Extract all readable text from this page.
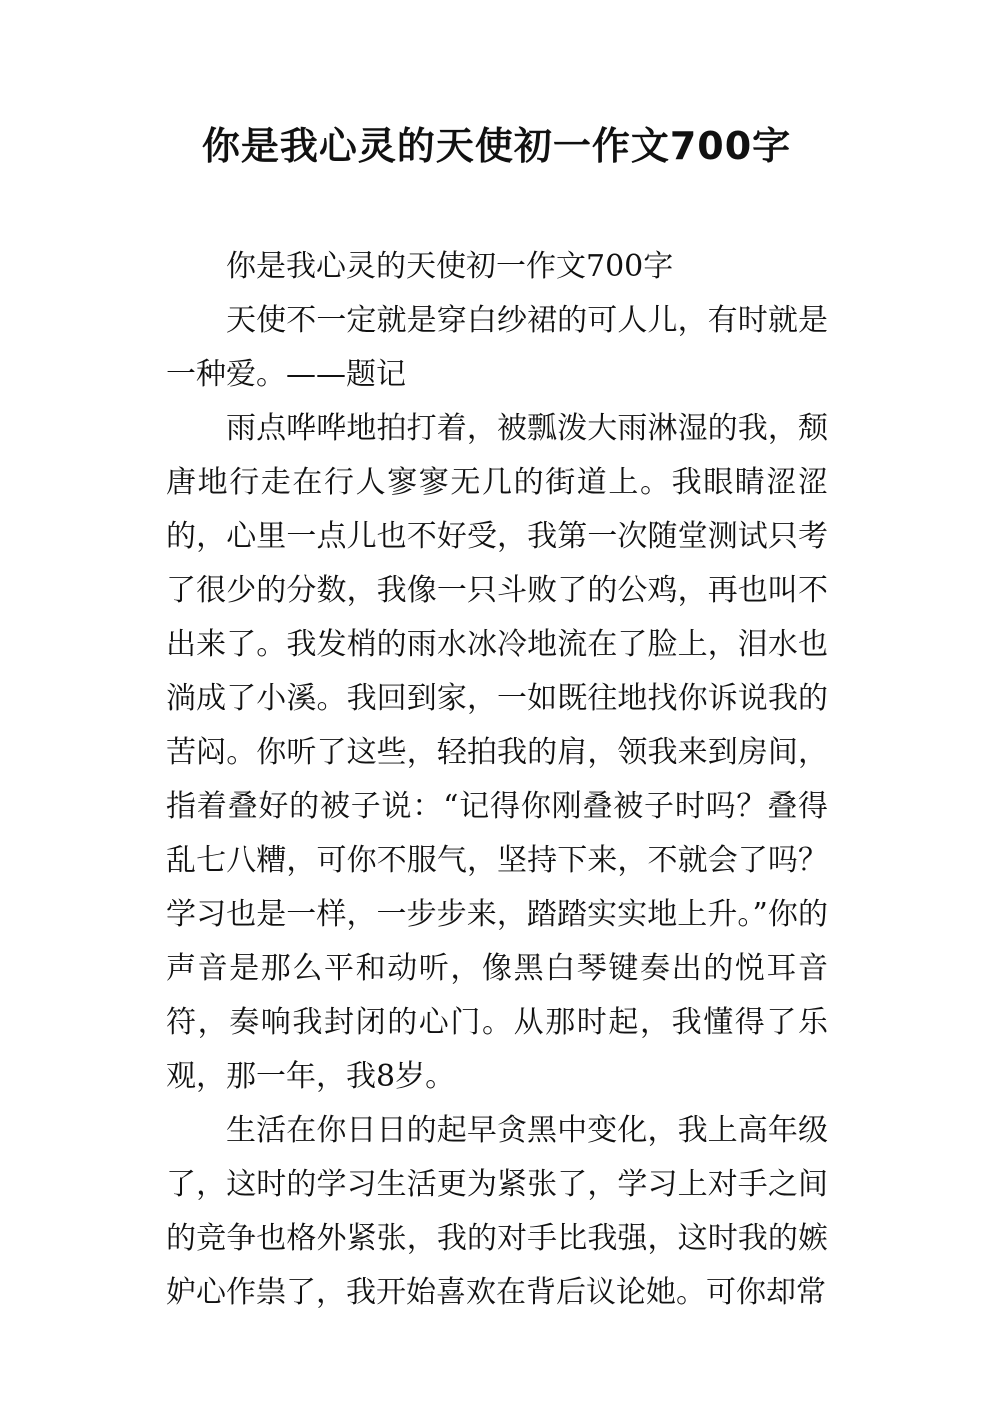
你是我心灵的天使初一作文700字

你是我心灵的天使初一作文700字

天使不一定就是穿白纱裙的可人儿，有时就是一种爱。——题记

雨点哗哗地拍打着，被瓢泼大雨淋湿的我，颓唐地行走在行人寥寥无几的街道上。我眼睛涩涩的，心里一点儿也不好受，我第一次随堂测试只考了很少的分数，我像一只斗败了的公鸡，再也叫不出来了。我发梢的雨水冰冷地流在了脸上，泪水也淌成了小溪。我回到家，一如既往地找你诉说我的苦闷。你听了这些，轻拍我的肩，领我来到房间，指着叠好的被子说：“记得你刚叠被子时吗？叠得乱七八糟，可你不服气，坚持下来，不就会了吗？学习也是一样，一步步来，踏踏实实地上升。”你的声音是那么平和动听，像黑白琴键奏出的悦耳音符，奏响我封闭的心门。从那时起，我懂得了乐观，那一年，我8岁。

生活在你日日的起早贪黑中变化，我上高年级了，这时的学习生活更为紧张了，学习上对手之间的竞争也格外紧张，我的对手比我强，这时我的嫉妒心作祟了，我开始喜欢在背后议论她。可你却常
